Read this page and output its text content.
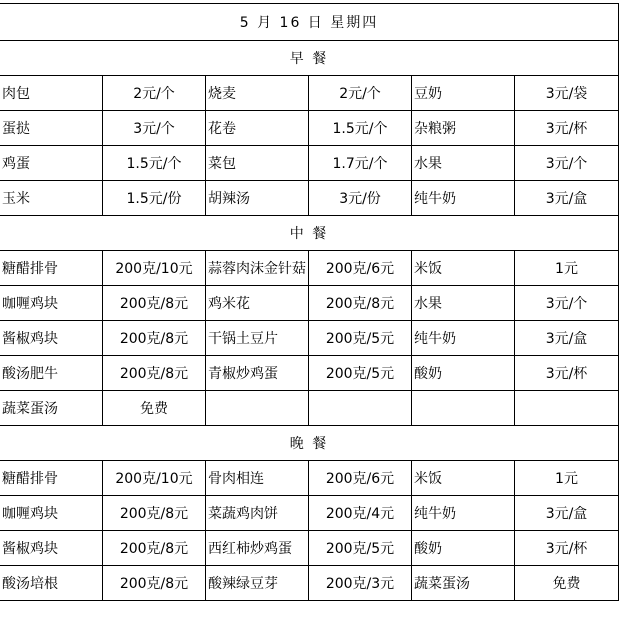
5 月 16 日 星期四					
早 餐					
肉包	2元/个	烧麦	2元/个	豆奶	3元/袋
蛋挞	3元/个	花卷	1.5元/个	杂粮粥	3元/杯
鸡蛋	1.5元/个	菜包	1.7元/个	水果	3元/个
玉米	1.5元/份	胡辣汤	3元/份	纯牛奶	3元/盒
中 餐					
糖醋排骨	200克/10元	蒜蓉肉沫金针菇	200克/6元	米饭	1元
咖喱鸡块	200克/8元	鸡米花	200克/8元	水果	3元/个
酱椒鸡块	200克/8元	干锅土豆片	200克/5元	纯牛奶	3元/盒
酸汤肥牛	200克/8元	青椒炒鸡蛋	200克/5元	酸奶	3元/杯
蔬菜蛋汤	免费				
晚 餐					
糖醋排骨	200克/10元	骨肉相连	200克/6元	米饭	1元
咖喱鸡块	200克/8元	菜蔬鸡肉饼	200克/4元	纯牛奶	3元/盒
酱椒鸡块	200克/8元	西红柿炒鸡蛋	200克/5元	酸奶	3元/杯
酸汤培根	200克/8元	酸辣绿豆芽	200克/3元	蔬菜蛋汤	免费
